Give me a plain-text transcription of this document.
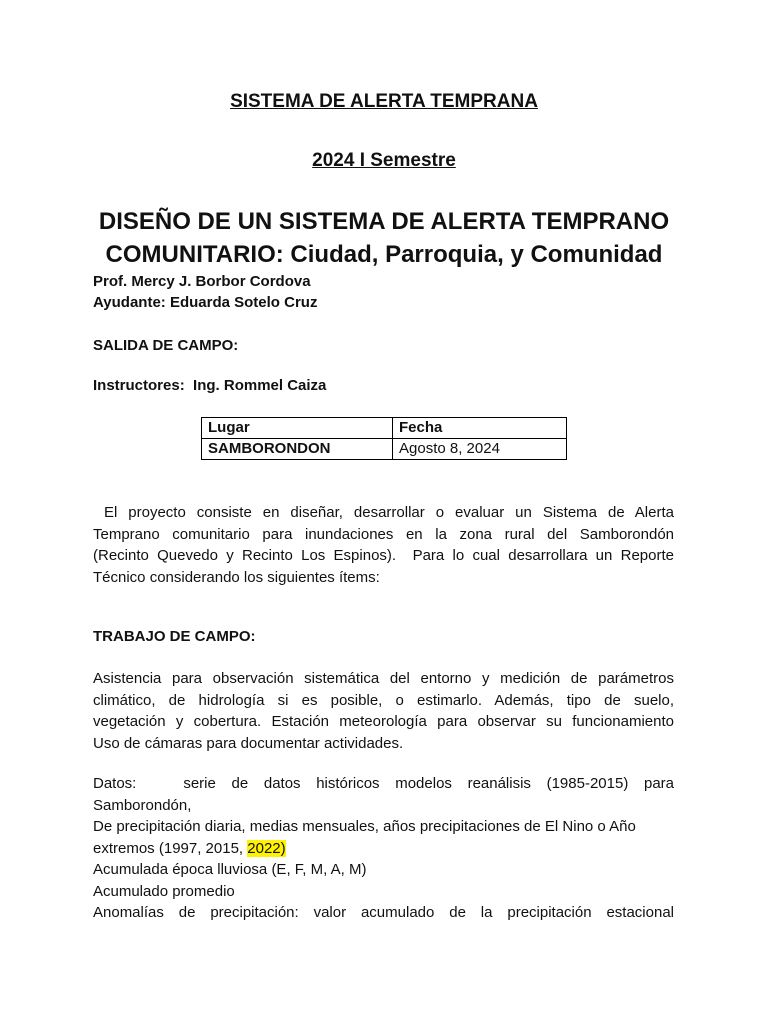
SISTEMA DE ALERTA TEMPRANA
2024 I Semestre
DISEÑO DE UN SISTEMA DE ALERTA TEMPRANO
COMUNITARIO: Ciudad, Parroquia, y Comunidad
Prof. Mercy J. Borbor Cordova
Ayudante: Eduarda Sotelo Cruz
SALIDA DE CAMPO:
Instructores: Ing. Rommel Caiza
Lugar	Fecha
SAMBORONDON	Agosto 8, 2024
El proyecto consiste en diseñar, desarrollar o evaluar un Sistema de Alerta
Temprano comunitario para inundaciones en la zona rural del Samborondón
(Recinto Quevedo y Recinto Los Espinos).  Para lo cual desarrollara un Reporte
Técnico considerando los siguientes ítems:
TRABAJO DE CAMPO:
Asistencia para observación sistemática del entorno y medición de parámetros
climático, de hidrología si es posible, o estimarlo. Además, tipo de suelo,
vegetación y cobertura. Estación meteorología para observar su funcionamiento
Uso de cámaras para documentar actividades.
Datos:   serie de datos históricos modelos reanálisis (1985-2015) para
Samborondón,
De precipitación diaria, medias mensuales, años precipitaciones de El Nino o Año
extremos (1997, 2015, 2022)
Acumulada época lluviosa (E, F, M, A, M)
Acumulado promedio
Anomalías de precipitación: valor acumulado de la precipitación estacional
